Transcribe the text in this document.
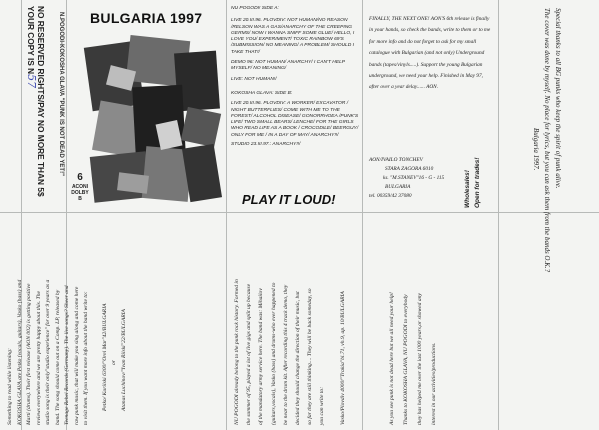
NO RESERVED RIGHTS/PAY NO MORE THAN 5$
YOUR COPY IS N57	N.POGODI-KOKOSHA GLAVA "PUNK IS NOT DEAD YET!" BULGARIA 1997
6
ACONI
DOLBY B
NU POGODI! SIDE A:
LIVE 20.III.96. PLOVDIV: NOT HUMAN/NO REASON /RELSON WAS A GAS/ANARCHY OF THE CREEPING GERMS/ NOW I WANNA SNIFF SOME GLUE/ HELLO, I LOVE YOU/ EXPERIMENT/ TOXIC RAINBOW 69'S /SUBMISSION/ NO MEANING/ A PROBLEM/ SHOULD I TAKE THAT!/
DEMO 96: NOT HUMAN/ ANARCHY/ I CAN'T HELP MYSELF/ NO MEANING/
LIVE: NOT HUMAN!/
KOKOSHA GLAVA: SIDE B:
LIVE 20.III.96. PLOVDIV: A WORKER/ EXCAVATOR / NIGHT BUTTERFLIES/ COME WITH ME TO THE FOREST/ ALCOHOL DISEASE/ GONORRHOEA /PUNK'S LIFE/ TWO SMALL BEARS/ LENCHE/ FOR THE GIRLS WHO READ LIFE AS A BOOK / CROCODILE/ BEERGUY/ ONLY FOR ME / IN A DAY OF MAY/ ANARCHY!!/
STUDIO 23.III.97.: ANARCHY!!/
PLAY IT LOUD!
FINALLY, THE NEXT ONE! AON'S 6th release is finally in your hands, so check the bands, write to them or to me for more info and do not forget to ask for my small catalogue with Bulgarian (and not only) Underground bands (tapes/vinyls.....). Support the young Bulgarian underground, we need your help. Finished in May 97, after over a year delay...... AON.
AON/IVAILO TONCHEV
STARA ZAGORA 6010
ks. "M.STANEV"16 - G - 115
BULGARIA
tel. 00359/42 37080	Open for trades!
Wholesales!
Special thanks to all BG punks who keep the spirit of punk alive.
The cover was done by myself. No place for lyrics, but you can ask them from the bands O.K.?
Bulgaria 1997.
Something to read while listening: KOKOSHA GLAVA are Petko (vocals, guitars), Vasko (bass) and Marti (drums). Their first release (AON 002) is getting positive reviews everywhere and we are pretty happy about this. The studio song is their only"studio experience" for over 9 years as a band. The song should come out on a Comp. LP, released by Teenage Rebel Records (Germany). The live songs? Sheer and raw punk music, that will make you sing along and come here to visit them. If you want more info about the band write to:	Petko/ Kurilski 6300/"Orel Mar"42/BULGARIA or Atanas Luchinov/"Ivan Rilski"22/BULGARIA	NU POGODI already belong to the punk rock history. Formed in	the summer of 95, played a lot of live gigs and split up because	of the mandatory army service here. The band was: Mihailov	(guitars,vocals), Vasko (bass) and drums-who ever happened to	be near to the drum kit. After recording this 4 track demo, they	decided they should change the direction of their music, but	so far they are still thinking.... They will be back someday, so	you can write to:	Vasko/Plovdiv 4000/"Trakia"bl.71, vh.9, ap. 10/BULGARIA	As you see punk is not dead here but we all need your help!	Thanks to KOKOSHA GLAVA, NU POGODI to everybody	they has helped me over the last 1000 years,or showed any	interest in our activities/productions.
